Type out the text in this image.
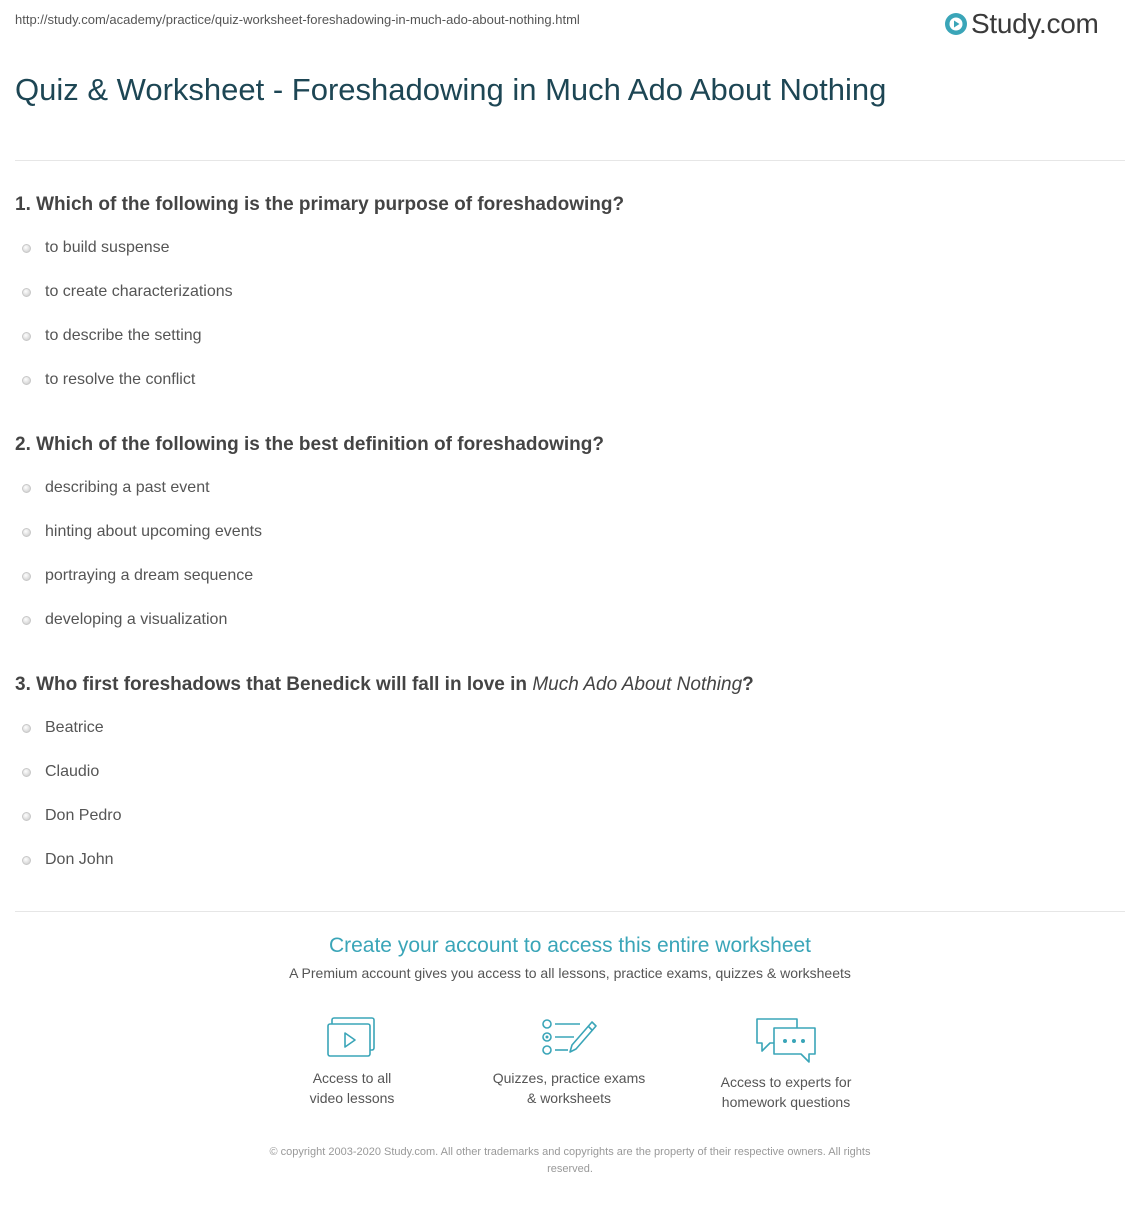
http://study.com/academy/practice/quiz-worksheet-foreshadowing-in-much-ado-about-nothing.html	Study.com
Quiz & Worksheet - Foreshadowing in Much Ado About Nothing

1. Which of the following is the primary purpose of foreshadowing?

to build suspense
to create characterizations
to describe the setting
to resolve the conflict

2. Which of the following is the best definition of foreshadowing?

describing a past event
hinting about upcoming events
portraying a dream sequence
developing a visualization

3. Who first foreshadows that Benedick will fall in love in Much Ado About Nothing?

Beatrice
Claudio
Don Pedro
Don John
Create your account to access this entire worksheet
A Premium account gives you access to all lessons, practice exams, quizzes & worksheets
Access to all
video lessons
Quizzes, practice exams
& worksheets
Access to experts for
homework questions
© copyright 2003-2020 Study.com. All other trademarks and copyrights are the property of their respective owners. All rights
reserved.
